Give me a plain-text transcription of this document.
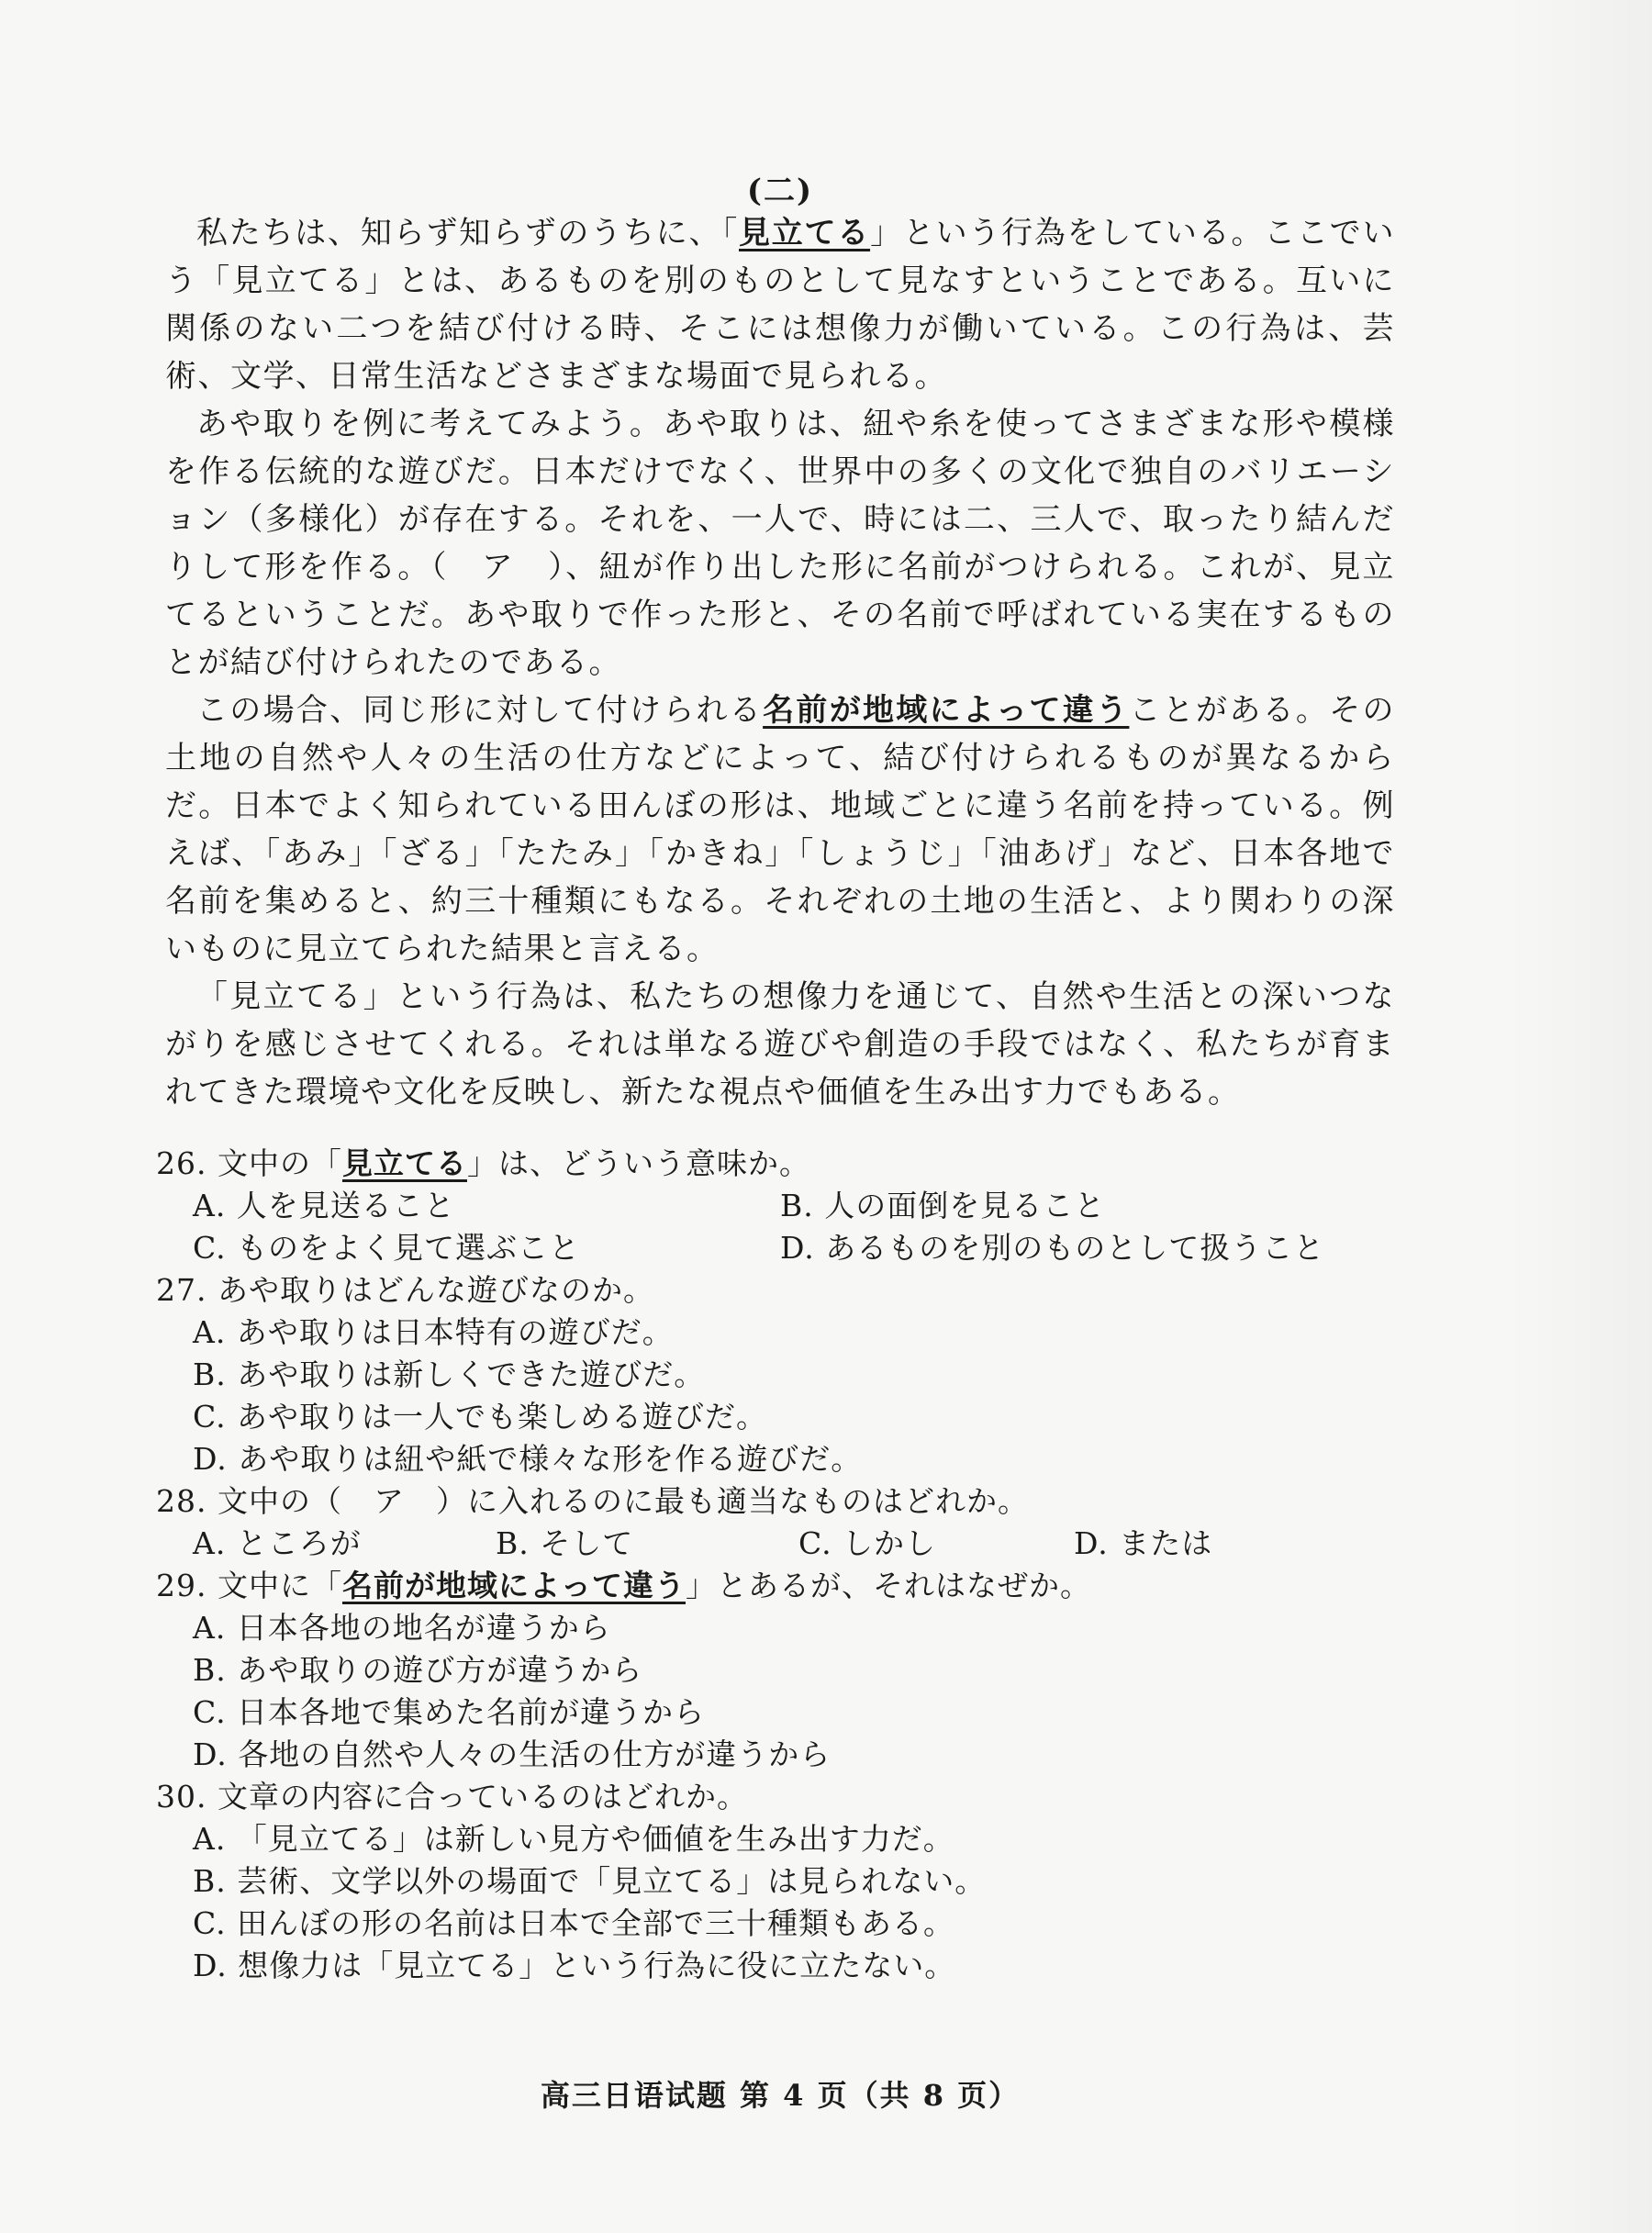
(二)

私たちは、知らず知らずのうちに、「見立てる」という行為をしている。ここでいう「見立てる」とは、あるものを別のものとして見なすということである。互いに関係のない二つを結び付ける時、そこには想像力が働いている。この行為は、芸術、文学、日常生活などさまざまな場面で見られる。

あや取りを例に考えてみよう。あや取りは、紐や糸を使ってさまざまな形や模様を作る伝統的な遊びだ。日本だけでなく、世界中の多くの文化で独自のバリエーション（多様化）が存在する。それを、一人で、時には二、三人で、取ったり結んだりして形を作る。（　ア　）、紐が作り出した形に名前がつけられる。これが、見立てるということだ。あや取りで作った形と、その名前で呼ばれている実在するものとが結び付けられたのである。

この場合、同じ形に対して付けられる名前が地域によって違うことがある。その土地の自然や人々の生活の仕方などによって、結び付けられるものが異なるからだ。日本でよく知られている田んぼの形は、地域ごとに違う名前を持っている。例えば、「あみ」「ざる」「たたみ」「かきね」「しょうじ」「油あげ」など、日本各地で名前を集めると、約三十種類にもなる。それぞれの土地の生活と、より関わりの深いものに見立てられた結果と言える。

「見立てる」という行為は、私たちの想像力を通じて、自然や生活との深いつながりを感じさせてくれる。それは単なる遊びや創造の手段ではなく、私たちが育まれてきた環境や文化を反映し、新たな視点や価値を生み出す力でもある。

26. 文中の「見立てる」は、どういう意味か。
A. 人を見送ること	B. 人の面倒を見ること
C. ものをよく見て選ぶこと	D. あるものを別のものとして扱うこと
27. あや取りはどんな遊びなのか。
A. あや取りは日本特有の遊びだ。
B. あや取りは新しくできた遊びだ。
C. あや取りは一人でも楽しめる遊びだ。
D. あや取りは紐や紙で様々な形を作る遊びだ。
28. 文中の（　ア　）に入れるのに最も適当なものはどれか。
A. ところが	B. そして	C. しかし	D. または
29. 文中に「名前が地域によって違う」とあるが、それはなぜか。
A. 日本各地の地名が違うから
B. あや取りの遊び方が違うから
C. 日本各地で集めた名前が違うから
D. 各地の自然や人々の生活の仕方が違うから
30. 文章の内容に合っているのはどれか。
A. 「見立てる」は新しい見方や価値を生み出す力だ。
B. 芸術、文学以外の場面で「見立てる」は見られない。
C. 田んぼの形の名前は日本で全部で三十種類もある。
D. 想像力は「見立てる」という行為に役に立たない。
高三日语试题 第 4 页（共 8 页）
